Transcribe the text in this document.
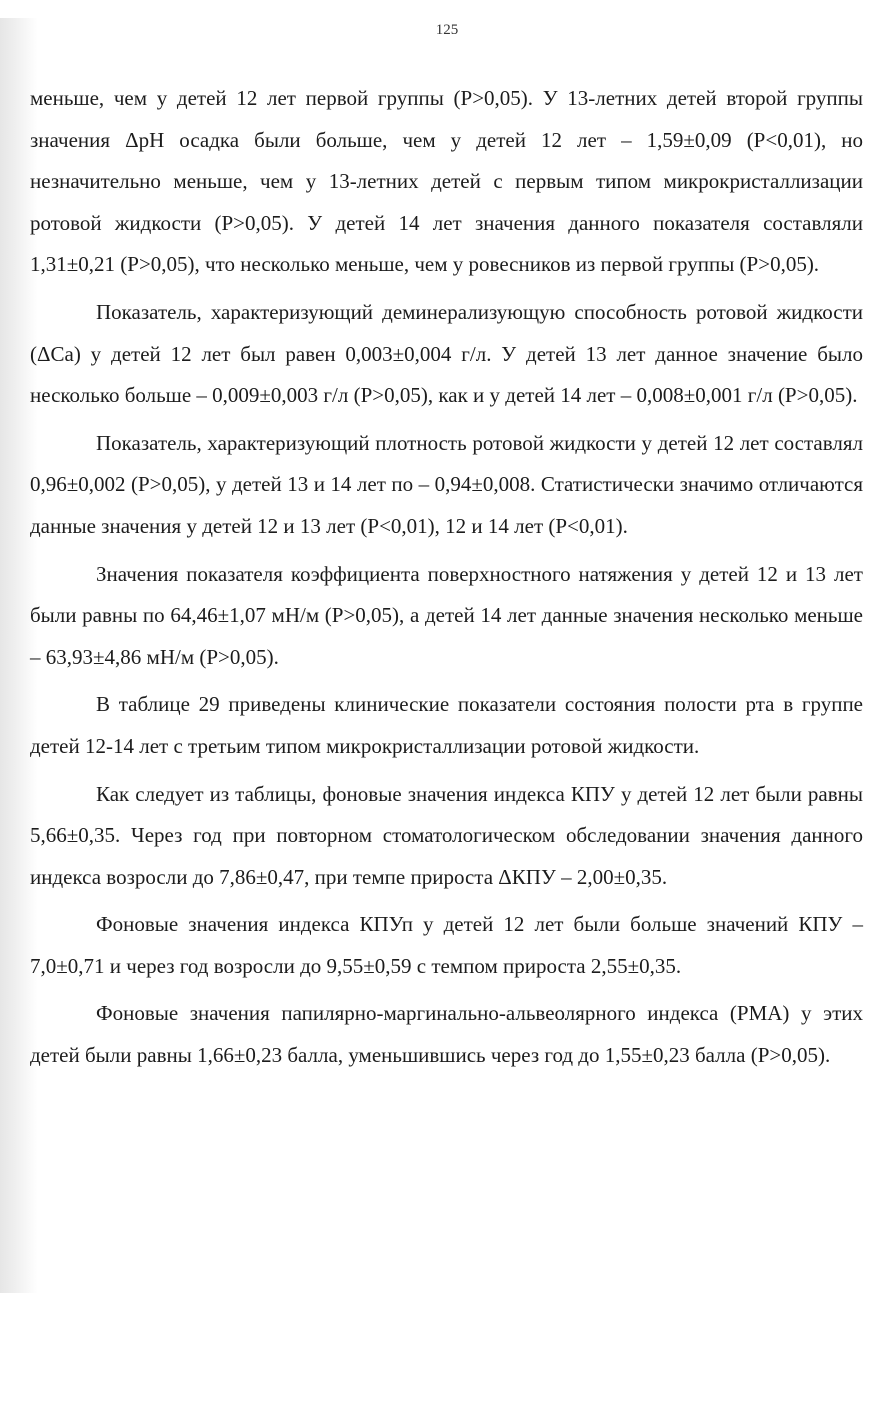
125

меньше, чем у детей 12 лет первой группы (Р>0,05). У 13-летних детей второй группы значения ΔрН осадка были больше, чем у детей 12 лет – 1,59±0,09 (Р<0,01), но незначительно меньше, чем у 13-летних детей с первым типом микрокристаллизации ротовой жидкости (Р>0,05). У детей 14 лет значения данного показателя составляли 1,31±0,21 (Р>0,05), что несколько меньше, чем у ровесников из первой группы (Р>0,05).

Показатель, характеризующий деминерализующую способность ротовой жидкости (ΔСа) у детей 12 лет был равен 0,003±0,004 г/л. У детей 13 лет данное значение было несколько больше – 0,009±0,003 г/л (Р>0,05), как и у детей 14 лет – 0,008±0,001 г/л (Р>0,05).

Показатель, характеризующий плотность ротовой жидкости у детей 12 лет составлял 0,96±0,002 (Р>0,05), у детей 13 и 14 лет по – 0,94±0,008. Статистически значимо отличаются данные значения у детей 12 и 13 лет (Р<0,01), 12 и 14 лет (Р<0,01).

Значения показателя коэффициента поверхностного натяжения у детей 12 и 13 лет были равны по 64,46±1,07 мН/м (Р>0,05), а детей 14 лет данные значения несколько меньше – 63,93±4,86 мН/м (Р>0,05).

В таблице 29 приведены клинические показатели состояния полости рта в группе детей 12-14 лет с третьим типом микрокристаллизации ротовой жидкости.

Как следует из таблицы, фоновые значения индекса КПУ у детей 12 лет были равны 5,66±0,35. Через год при повторном стоматологическом обследовании значения данного индекса возросли до 7,86±0,47, при темпе прироста ΔКПУ – 2,00±0,35.

Фоновые значения индекса КПУп у детей 12 лет были больше значений КПУ – 7,0±0,71 и через год возросли до 9,55±0,59 с темпом прироста 2,55±0,35.

Фоновые значения папилярно-маргинально-альвеолярного индекса (РМА) у этих детей были равны 1,66±0,23 балла, уменьшившись через год до 1,55±0,23 балла (Р>0,05).
